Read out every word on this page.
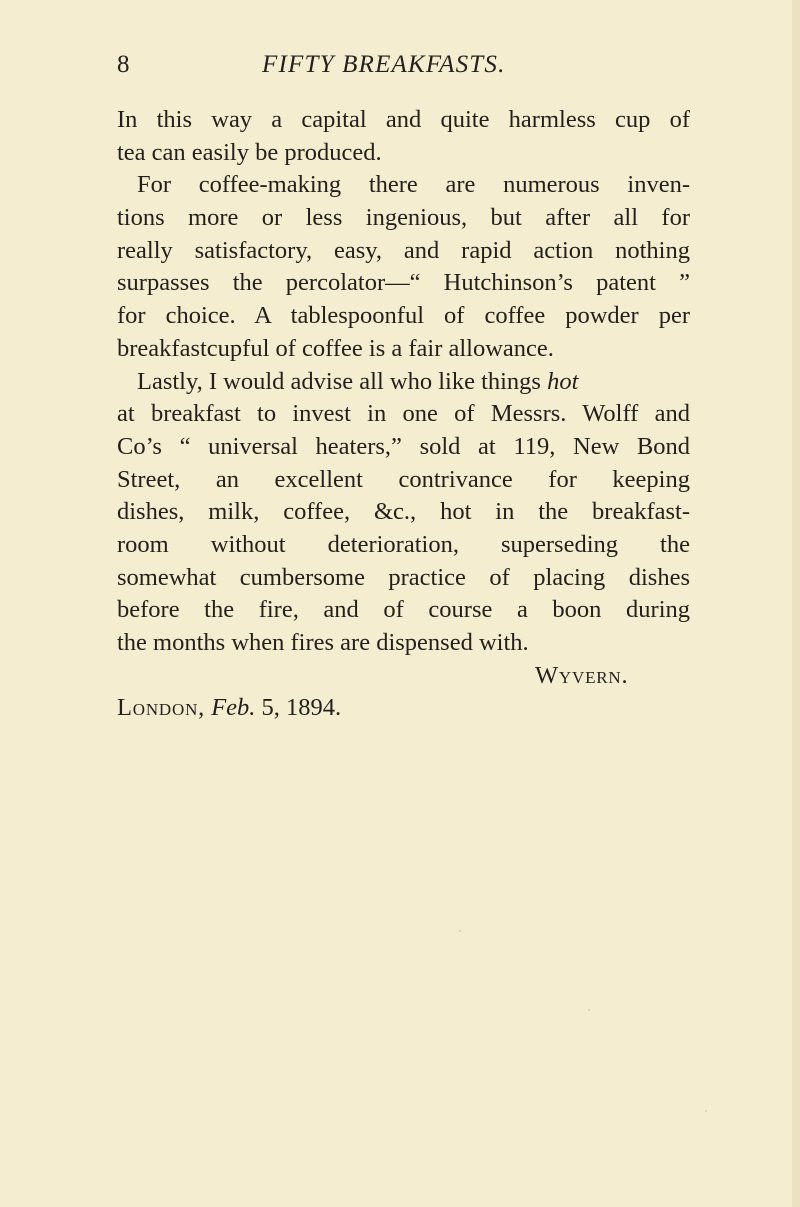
8	FIFTY BREAKFASTS.
In this way a capital and quite harmless cup of
tea can easily be produced.
For coffee-making there are numerous inven-
tions more or less ingenious, but after all for
really satisfactory, easy, and rapid action nothing
surpasses the percolator—“ Hutchinson’s patent ”
for choice. A tablespoonful of coffee powder per
breakfastcupful of coffee is a fair allowance.
Lastly, I would advise all who like things hot
at breakfast to invest in one of Messrs. Wolff and
Co’s “ universal heaters,” sold at 119, New Bond
Street, an excellent contrivance for keeping
dishes, milk, coffee, &c., hot in the breakfast-
room without deterioration, superseding the
somewhat cumbersome practice of placing dishes
before the fire, and of course a boon during
the months when fires are dispensed with.
Wyvern.
London, Feb. 5, 1894.
